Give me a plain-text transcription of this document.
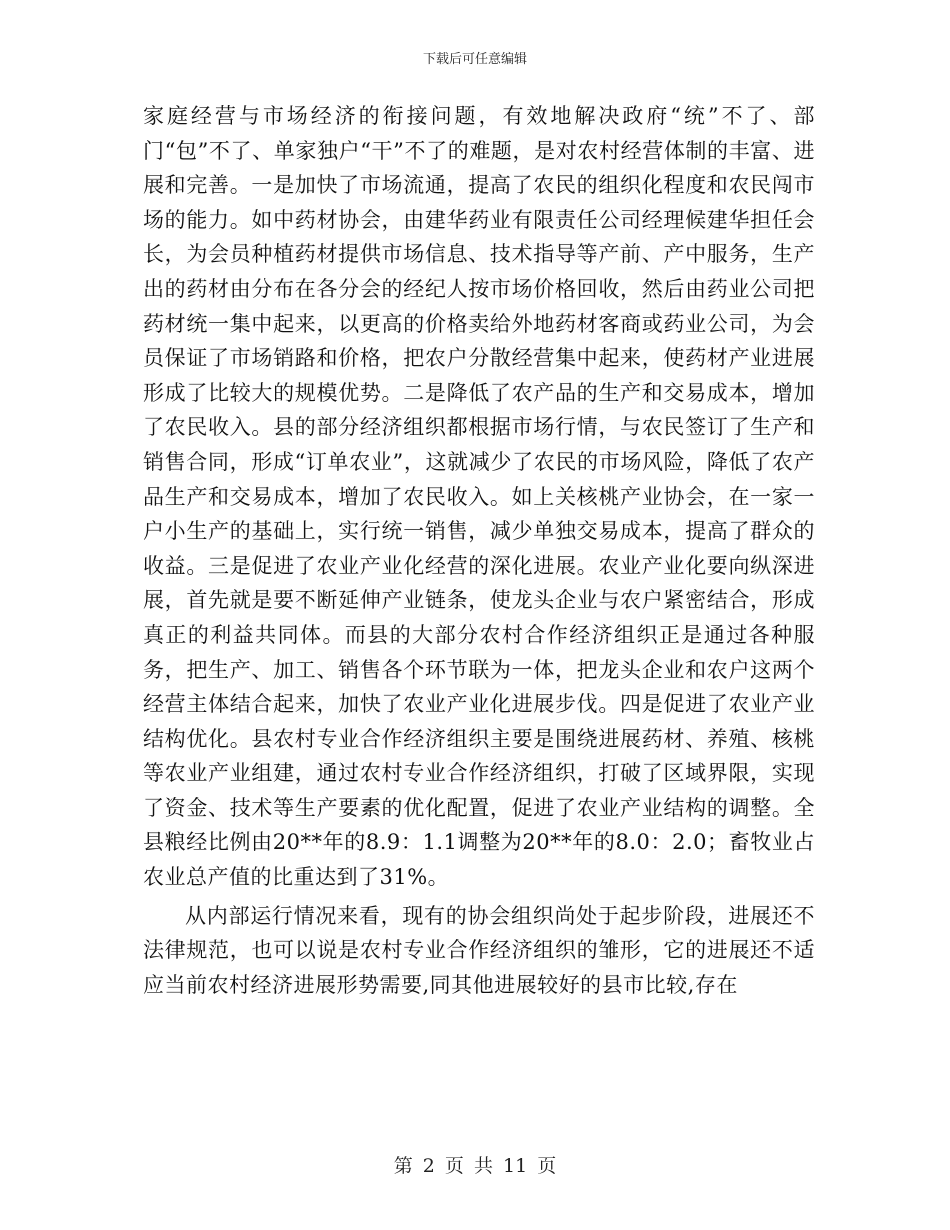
下载后可任意编辑

家庭经营与市场经济的衔接问题，有效地解决政府“统”不了、部门“包”不了、单家独户“干”不了的难题，是对农村经营体制的丰富、进展和完善。一是加快了市场流通，提高了农民的组织化程度和农民闯市场的能力。如中药材协会，由建华药业有限责任公司经理候建华担任会长，为会员种植药材提供市场信息、技术指导等产前、产中服务，生产出的药材由分布在各分会的经纪人按市场价格回收，然后由药业公司把药材统一集中起来，以更高的价格卖给外地药材客商或药业公司，为会员保证了市场销路和价格，把农户分散经营集中起来，使药材产业进展形成了比较大的规模优势。二是降低了农产品的生产和交易成本，增加了农民收入。县的部分经济组织都根据市场行情，与农民签订了生产和销售合同，形成“订单农业”，这就减少了农民的市场风险，降低了农产品生产和交易成本，增加了农民收入。如上关核桃产业协会，在一家一户小生产的基础上，实行统一销售，减少单独交易成本，提高了群众的收益。三是促进了农业产业化经营的深化进展。农业产业化要向纵深进展，首先就是要不断延伸产业链条，使龙头企业与农户紧密结合，形成真正的利益共同体。而县的大部分农村合作经济组织正是通过各种服务，把生产、加工、销售各个环节联为一体，把龙头企业和农户这两个经营主体结合起来，加快了农业产业化进展步伐。四是促进了农业产业结构优化。县农村专业合作经济组织主要是围绕进展药材、养殖、核桃等农业产业组建，通过农村专业合作经济组织，打破了区域界限，实现了资金、技术等生产要素的优化配置，促进了农业产业结构的调整。全县粮经比例由20**年的8.9：1.1调整为20**年的8.0：2.0；畜牧业占农业总产值的比重达到了31%。

从内部运行情况来看，现有的协会组织尚处于起步阶段，进展还不法律规范，也可以说是农村专业合作经济组织的雏形，它的进展还不适应当前农村经济进展形势需要,同其他进展较好的县市比较,存在

第 2 页 共 11 页
